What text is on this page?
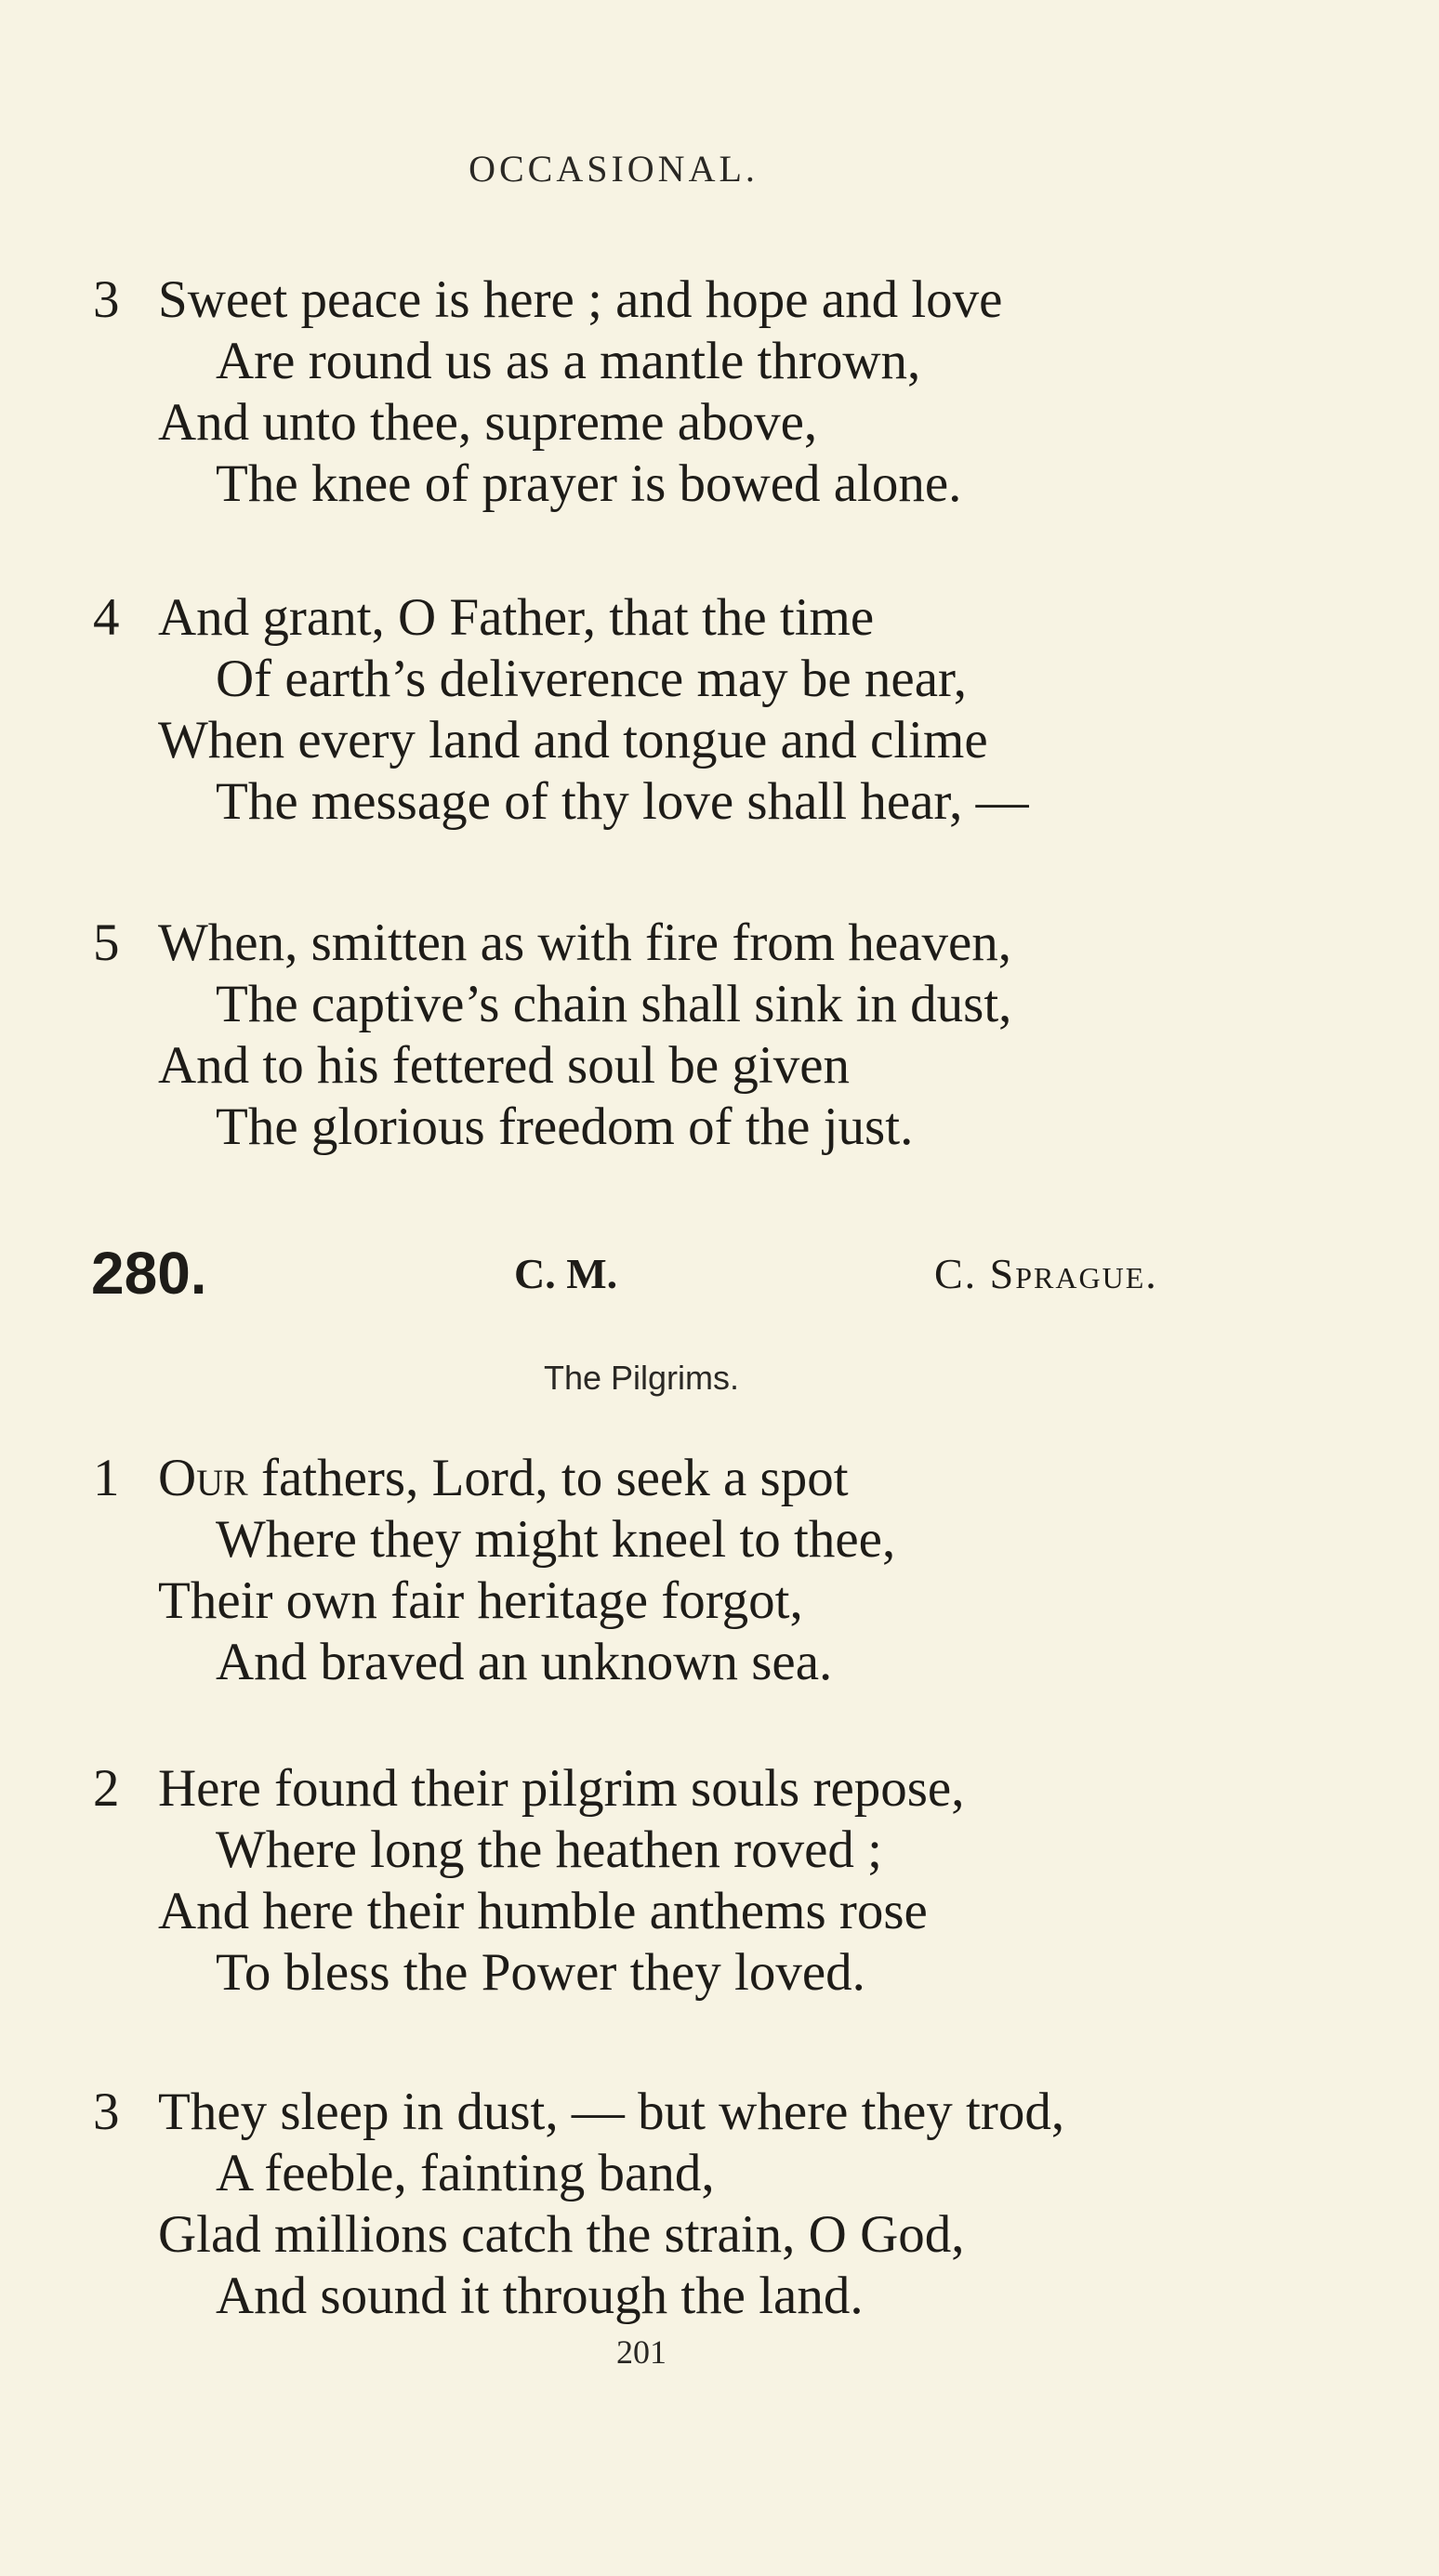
OCCASIONAL.
3 Sweet peace is here ; and hope and love
Are round us as a mantle thrown,
And unto thee, supreme above,
The knee of prayer is bowed alone.
4 And grant, O Father, that the time
Of earth’s deliverence may be near,
When every land and tongue and clime
The message of thy love shall hear, —
5 When, smitten as with fire from heaven,
The captive’s chain shall sink in dust,
And to his fettered soul be given
The glorious freedom of the just.
280.	C. M.	C. Sprague.
The Pilgrims.
1 Our fathers, Lord, to seek a spot
Where they might kneel to thee,
Their own fair heritage forgot,
And braved an unknown sea.
2 Here found their pilgrim souls repose,
Where long the heathen roved ;
And here their humble anthems rose
To bless the Power they loved.
3 They sleep in dust, — but where they trod,
A feeble, fainting band,
Glad millions catch the strain, O God,
And sound it through the land.
201
